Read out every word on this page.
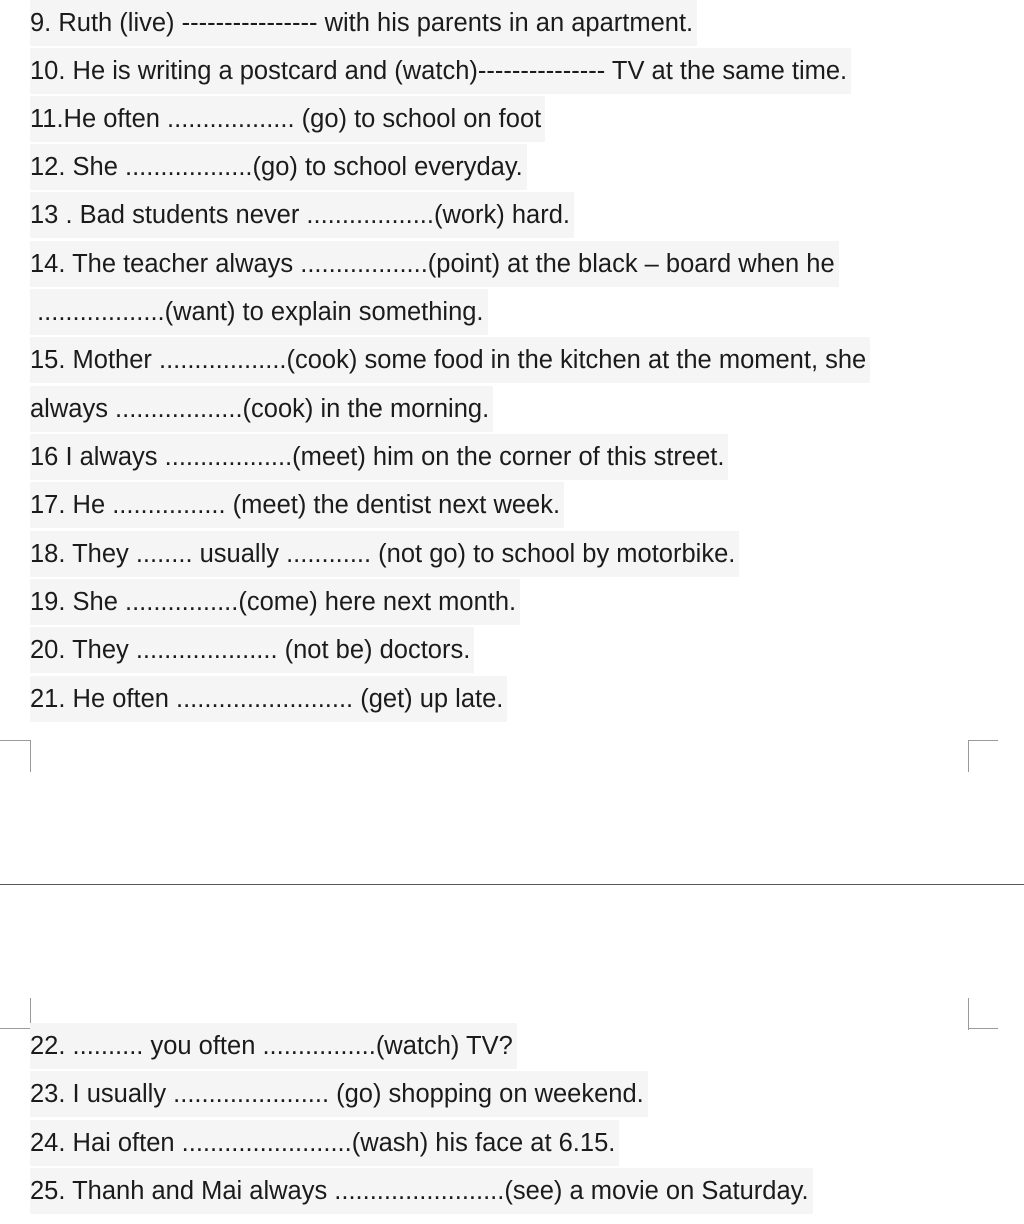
9. Ruth (live) ---------------- with his parents in an apartment.
10. He is writing a postcard and (watch)--------------- TV at the same time.
11.He often .................. (go) to school on foot
12. She ..................(go) to school everyday.
13 . Bad students never ..................(work) hard.
14. The teacher always ..................(point) at the black – board when he
..................(want) to explain something.
15. Mother ..................(cook) some food in the kitchen at the moment, she
always ..................(cook) in the morning.
16 I always ..................(meet) him on the corner of this street.
17. He ................ (meet) the dentist next week.
18. They ........ usually ............ (not go) to school by motorbike.
19. She ................(come) here next month.
20. They .................... (not be) doctors.
21. He often ......................... (get) up late.
22. .......... you often ................(watch) TV?
23. I usually ...................... (go) shopping on weekend.
24. Hai often ........................(wash) his face at 6.15.
25. Thanh and Mai always ........................(see) a movie on Saturday.
